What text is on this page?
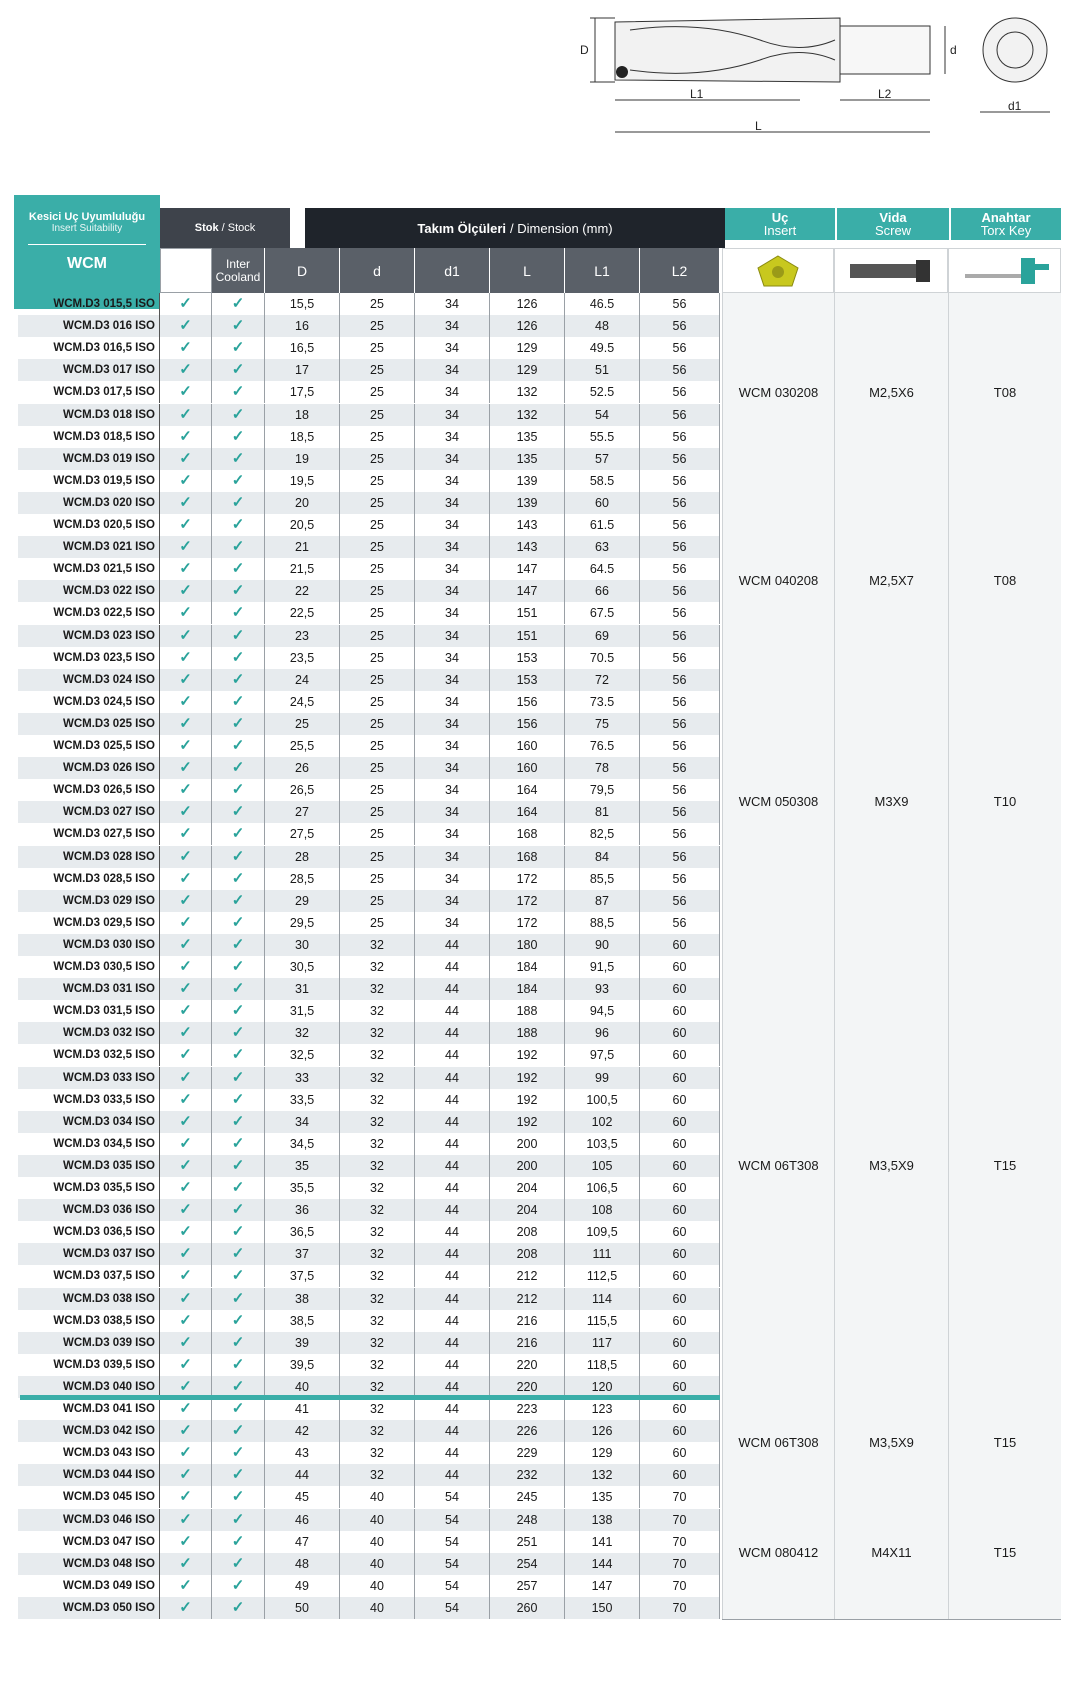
D	d
L1	L2
L
d1
Kesici Uç Uyumluluğu
Insert Suitability
WCM
Stok / Stock	Takım Ölçüleri / Dimension (mm)
Uç
Insert
Vida
Screw
Anahtar
Torx Key
Inter Cooland	D	d	d1	L	L1	L2
WCM.D3 015,5 ISO	✓	✓	15,5	25	34	126	46.5	56
WCM.D3 016 ISO	✓	✓	16	25	34	126	48	56
WCM.D3 016,5 ISO	✓	✓	16,5	25	34	129	49.5	56
WCM.D3 017 ISO	✓	✓	17	25	34	129	51	56
WCM.D3 017,5 ISO	✓	✓	17,5	25	34	132	52.5	56
WCM.D3 018 ISO	✓	✓	18	25	34	132	54	56
WCM.D3 018,5 ISO	✓	✓	18,5	25	34	135	55.5	56
WCM.D3 019 ISO	✓	✓	19	25	34	135	57	56
WCM.D3 019,5 ISO	✓	✓	19,5	25	34	139	58.5	56
WCM.D3 020 ISO	✓	✓	20	25	34	139	60	56
WCM.D3 020,5 ISO	✓	✓	20,5	25	34	143	61.5	56
WCM.D3 021 ISO	✓	✓	21	25	34	143	63	56
WCM.D3 021,5 ISO	✓	✓	21,5	25	34	147	64.5	56
WCM.D3 022 ISO	✓	✓	22	25	34	147	66	56
WCM.D3 022,5 ISO	✓	✓	22,5	25	34	151	67.5	56
WCM.D3 023 ISO	✓	✓	23	25	34	151	69	56
WCM.D3 023,5 ISO	✓	✓	23,5	25	34	153	70.5	56
WCM.D3 024 ISO	✓	✓	24	25	34	153	72	56
WCM.D3 024,5 ISO	✓	✓	24,5	25	34	156	73.5	56
WCM.D3 025 ISO	✓	✓	25	25	34	156	75	56
WCM.D3 025,5 ISO	✓	✓	25,5	25	34	160	76.5	56
WCM.D3 026 ISO	✓	✓	26	25	34	160	78	56
WCM.D3 026,5 ISO	✓	✓	26,5	25	34	164	79,5	56
WCM.D3 027 ISO	✓	✓	27	25	34	164	81	56
WCM.D3 027,5 ISO	✓	✓	27,5	25	34	168	82,5	56
WCM.D3 028 ISO	✓	✓	28	25	34	168	84	56
WCM.D3 028,5 ISO	✓	✓	28,5	25	34	172	85,5	56
WCM.D3 029 ISO	✓	✓	29	25	34	172	87	56
WCM.D3 029,5 ISO	✓	✓	29,5	25	34	172	88,5	56
WCM.D3 030 ISO	✓	✓	30	32	44	180	90	60
WCM.D3 030,5 ISO	✓	✓	30,5	32	44	184	91,5	60
WCM.D3 031 ISO	✓	✓	31	32	44	184	93	60
WCM.D3 031,5 ISO	✓	✓	31,5	32	44	188	94,5	60
WCM.D3 032 ISO	✓	✓	32	32	44	188	96	60
WCM.D3 032,5 ISO	✓	✓	32,5	32	44	192	97,5	60
WCM.D3 033 ISO	✓	✓	33	32	44	192	99	60
WCM.D3 033,5 ISO	✓	✓	33,5	32	44	192	100,5	60
WCM.D3 034 ISO	✓	✓	34	32	44	192	102	60
WCM.D3 034,5 ISO	✓	✓	34,5	32	44	200	103,5	60
WCM.D3 035 ISO	✓	✓	35	32	44	200	105	60
WCM.D3 035,5 ISO	✓	✓	35,5	32	44	204	106,5	60
WCM.D3 036 ISO	✓	✓	36	32	44	204	108	60
WCM.D3 036,5 ISO	✓	✓	36,5	32	44	208	109,5	60
WCM.D3 037 ISO	✓	✓	37	32	44	208	111	60
WCM.D3 037,5 ISO	✓	✓	37,5	32	44	212	112,5	60
WCM.D3 038 ISO	✓	✓	38	32	44	212	114	60
WCM.D3 038,5 ISO	✓	✓	38,5	32	44	216	115,5	60
WCM.D3 039 ISO	✓	✓	39	32	44	216	117	60
WCM.D3 039,5 ISO	✓	✓	39,5	32	44	220	118,5	60
WCM.D3 040 ISO	✓	✓	40	32	44	220	120	60
WCM.D3 041 ISO	✓	✓	41	32	44	223	123	60
WCM.D3 042 ISO	✓	✓	42	32	44	226	126	60
WCM.D3 043 ISO	✓	✓	43	32	44	229	129	60
WCM.D3 044 ISO	✓	✓	44	32	44	232	132	60
WCM.D3 045 ISO	✓	✓	45	40	54	245	135	70
WCM.D3 046 ISO	✓	✓	46	40	54	248	138	70
WCM.D3 047 ISO	✓	✓	47	40	54	251	141	70
WCM.D3 048 ISO	✓	✓	48	40	54	254	144	70
WCM.D3 049 ISO	✓	✓	49	40	54	257	147	70
WCM.D3 050 ISO	✓	✓	50	40	54	260	150	70
WCM 030208	M2,5X6	T08
WCM 040208	M2,5X7	T08
WCM 050308	M3X9	T10
WCM 06T308	M3,5X9	T15
WCM 06T308	M3,5X9	T15
WCM 080412	M4X11	T15
